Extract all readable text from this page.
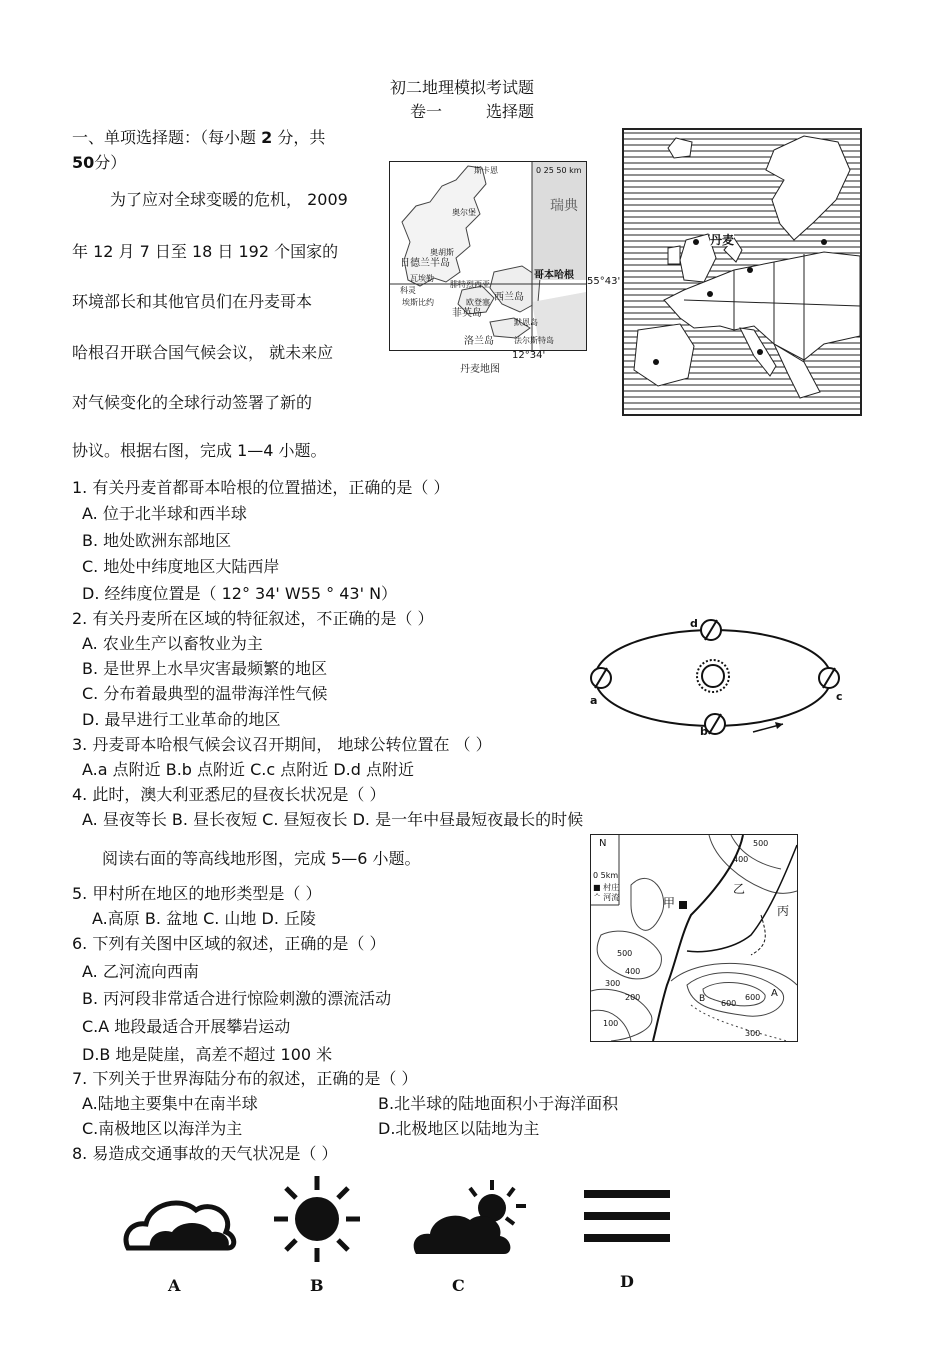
初二地理模拟考试题
卷一	选择题
一、单项选择题：（每小题 2 分，共
50分）
为了应对全球变暖的危机， 2009
年 12 月 7 日至 18 日 192 个国家的
环境部长和其他官员们在丹麦哥本
哈根召开联合国气候会议， 就未来应
对气候变化的全球行动签署了新的
协议。根据右图，完成 1—4 小题。
斯卡恩
奥尔堡
奥胡斯
日德兰半岛
瓦埃勒
腓特烈西亚
科灵
埃斯比约	欧登塞
菲英岛
西兰岛
默恩岛
洛兰岛	法尔斯特岛
0 25 50 km
瑞典
哥本哈根
55°43'
12°34'
丹麦地图
丹麦
1. 有关丹麦首都哥本哈根的位置描述，正确的是（ ）
A. 位于北半球和西半球
B. 地处欧洲东部地区
C. 地处中纬度地区大陆西岸
D. 经纬度位置是（ 12° 34' W55 ° 43' N）
2. 有关丹麦所在区域的特征叙述，不正确的是（ ）
A. 农业生产以畜牧业为主
B. 是世界上水旱灾害最频繁的地区
C. 分布着最典型的温带海洋性气候
D. 最早进行工业革命的地区
a
b
c
d
3. 丹麦哥本哈根气候会议召开期间， 地球公转位置在 （ ）
A.a 点附近 B.b 点附近 C.c 点附近 D.d 点附近
4. 此时，澳大利亚悉尼的昼夜长状况是（ ）
A. 昼夜等长 B. 昼长夜短 C. 昼短夜长 D. 是一年中昼最短夜最长的时候
阅读右面的等高线地形图，完成 5—6 小题。
5. 甲村所在地区的地形类型是（ ）
A.高原 B. 盆地 C. 山地 D. 丘陵
6. 下列有关图中区域的叙述，正确的是（ ）
A. 乙河流向西南
B. 丙河段非常适合进行惊险刺激的漂流活动
C.A 地段最适合开展攀岩运动
D.B 地是陡崖，高差不超过 100 米
N
0 5km
■ 村庄
ᄉ 河流	甲
乙
丙
500
400
500
400
300
200
100
600
600
300
A
B
7. 下列关于世界海陆分布的叙述，正确的是（ ）
A.陆地主要集中在南半球	B.北半球的陆地面积小于海洋面积
C.南极地区以海洋为主	D.北极地区以陆地为主
8. 易造成交通事故的天气状况是（ ）
A	B	C	D
